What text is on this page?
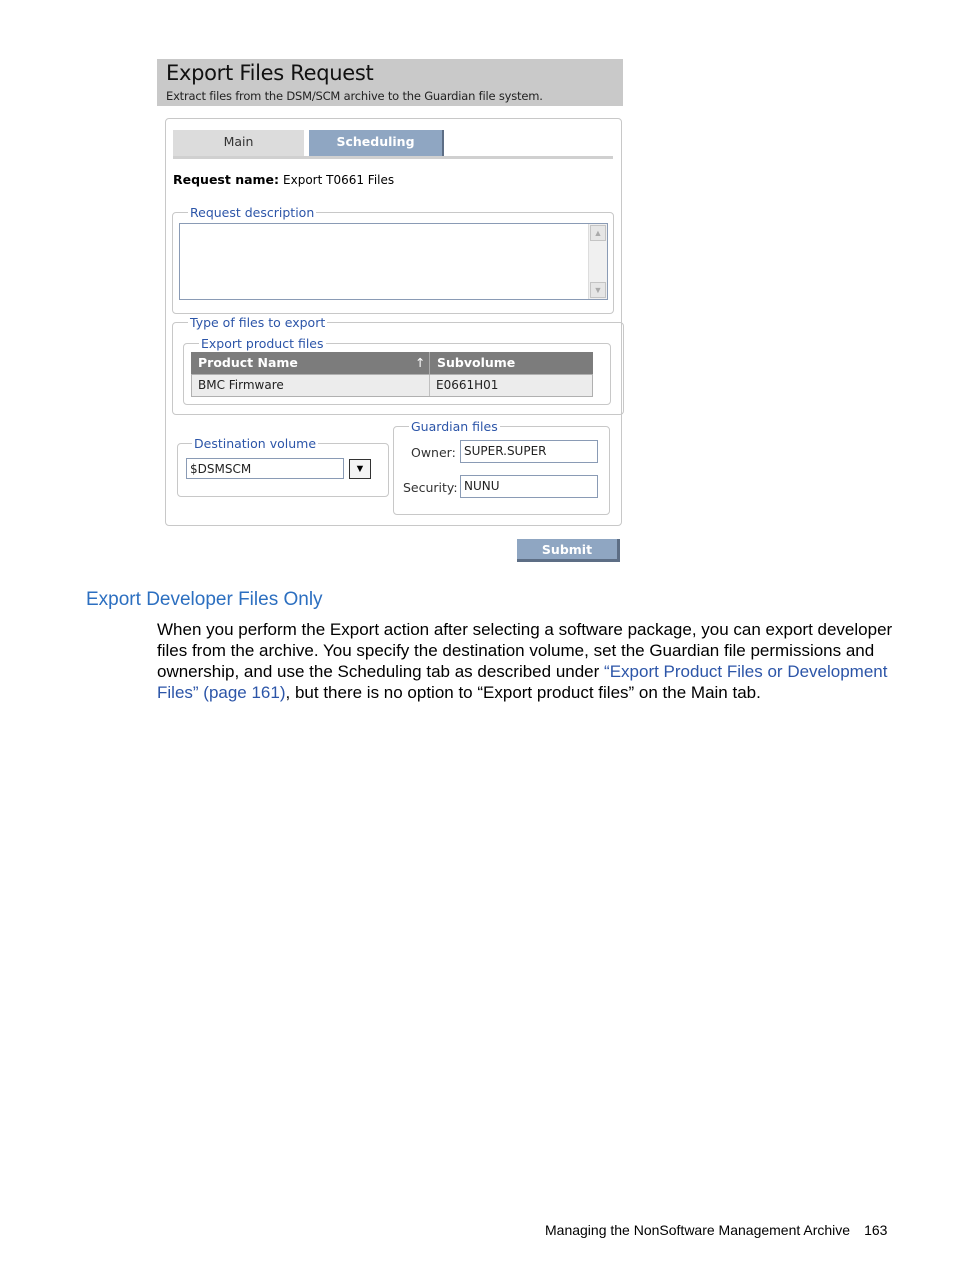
Export Files Request
Extract files from the DSM/SCM archive to the Guardian file system.
Main	Scheduling
Request name: Export T0661 Files
Request description
▲
▼
Type of files to export
Export product files
Product Name	↑ Subvolume
BMC Firmware	E0661H01
Destination volume
$DSMSCM	▼
Guardian files
Owner: SUPER.SUPER
Security: NUNU
Submit
Export Developer Files Only
When you perform the Export action after selecting a software package, you can export developer files from the archive. You specify the destination volume, set the Guardian file permissions and ownership, and use the Scheduling tab as described under “Export Product Files or Development Files” (page 161), but there is no option to “Export product files” on the Main tab.
Managing the NonSoftware Management Archive 163
